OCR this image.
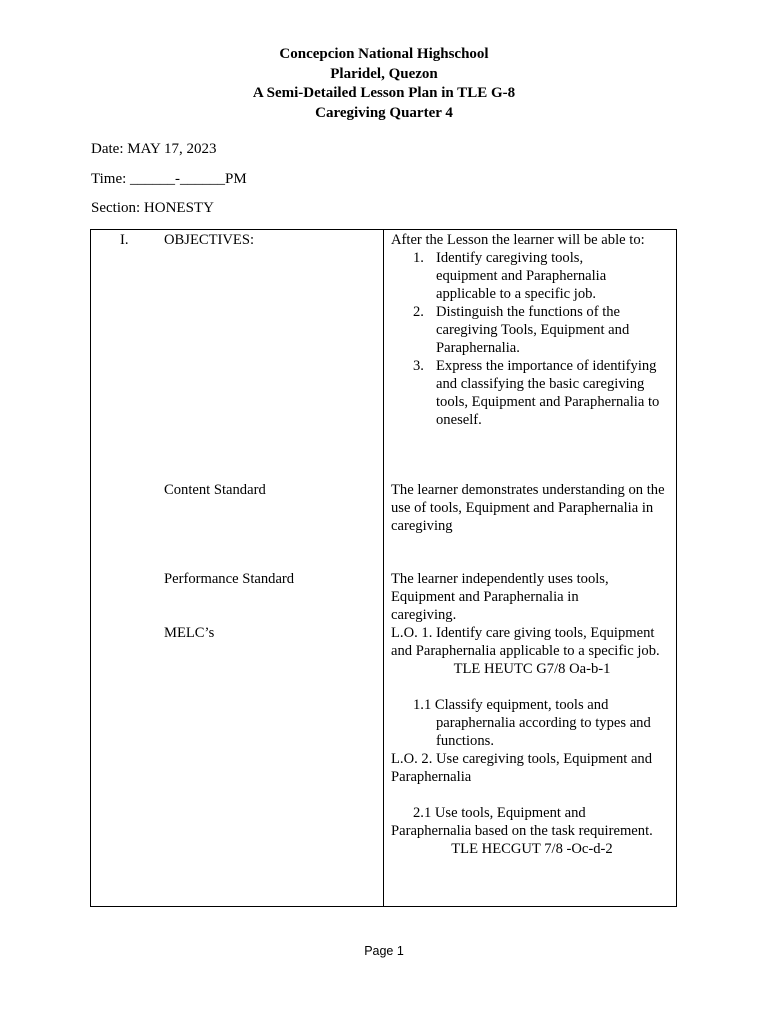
Concepcion National Highschool
Plaridel, Quezon
A Semi-Detailed Lesson Plan in TLE G-8
Caregiving Quarter 4
Date: MAY 17, 2023
Time: ______-______PM
Section: HONESTY
I. OBJECTIVES:
Content Standard
Performance Standard
MELC’s
After the Lesson the learner will be able to:
1. Identify caregiving tools, equipment and Paraphernalia applicable to a specific job.
2. Distinguish the functions of the caregiving Tools, Equipment and Paraphernalia.
3. Express the importance of identifying and classifying the basic caregiving tools, Equipment and Paraphernalia to oneself.
The learner demonstrates understanding on the use of tools, Equipment and Paraphernalia in caregiving
The learner independently uses tools, Equipment and Paraphernalia in caregiving.
L.O. 1. Identify care giving tools, Equipment and Paraphernalia applicable to a specific job.
TLE HEUTC G7/8 Oa-b-1
1.1 Classify equipment, tools and paraphernalia according to types and functions.
L.O. 2. Use caregiving tools, Equipment and Paraphernalia
2.1 Use tools, Equipment and
Paraphernalia based on the task requirement.
TLE HECGUT 7/8 -Oc-d-2
Page 1
